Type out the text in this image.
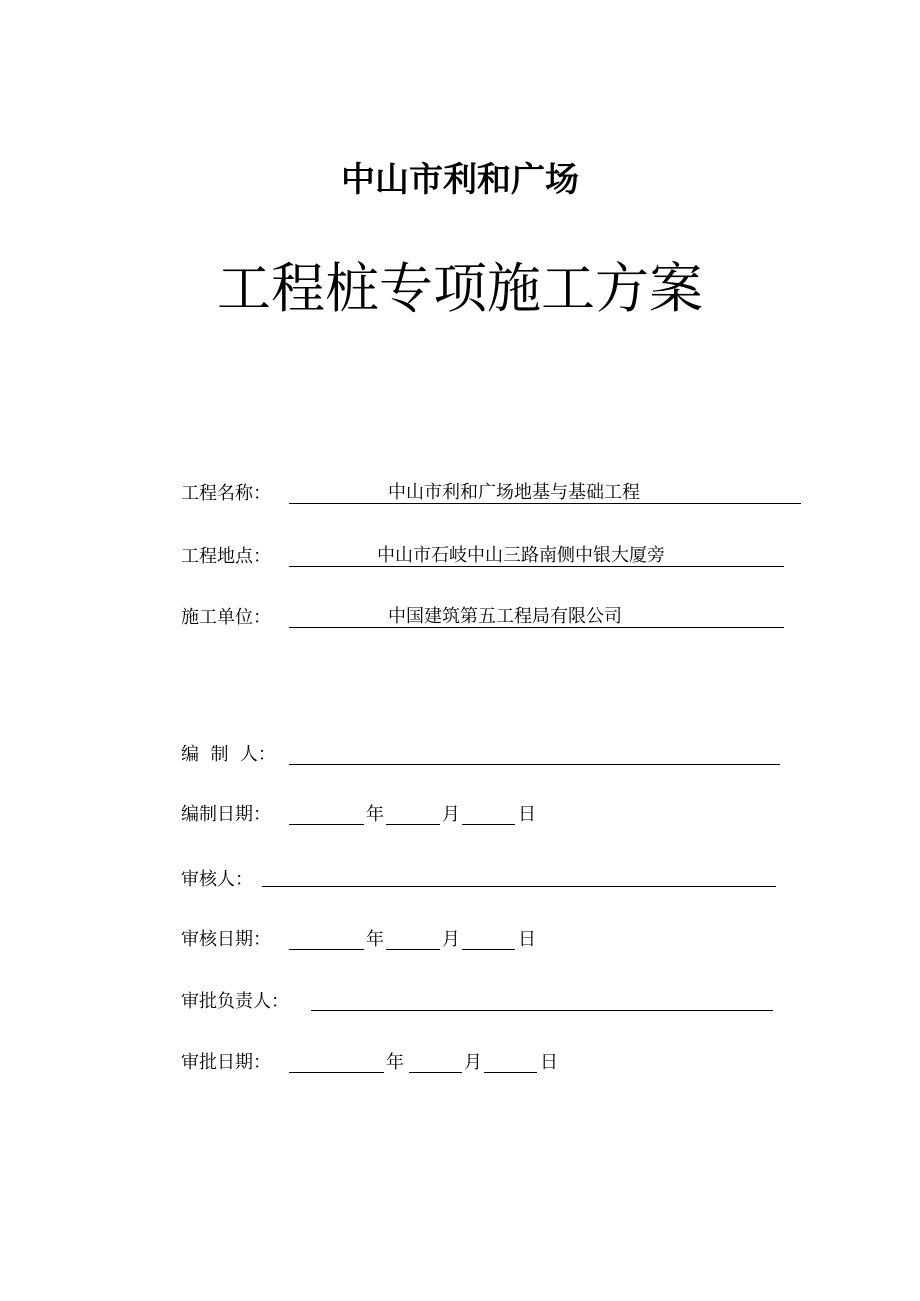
中山市利和广场
工程桩专项施工方案
工程名称：	中山市利和广场地基与基础工程
工程地点：	中山市石岐中山三路南侧中银大厦旁
施工单位：	中国建筑第五工程局有限公司
编  制  人：
编制日期：	年	月	日
审核人：
审核日期：	年	月	日
审批负责人：
审批日期：	年	月	日
